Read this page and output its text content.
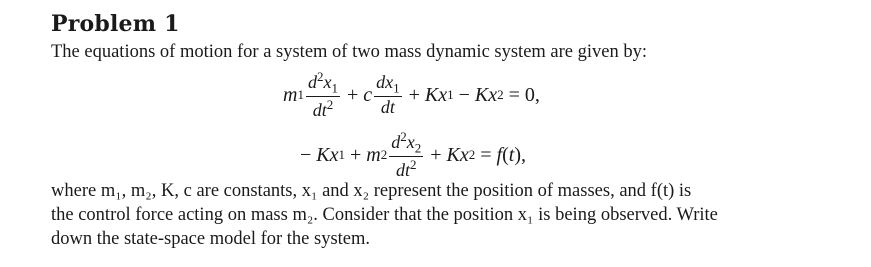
Problem 1
The equations of motion for a system of two mass dynamic system are given by:
m $1 \frac{d^2x_1}{dt^2} + c \frac{dx_1}{dt} + Kx$ 1 − Kx 2 = 0,
− Kx 1 + m $2 \frac{d^2x_2}{dt^2} + Kx$ 2 = f ( t ),
where m₁, m₂, K, c are constants, x₁ and x₂ represent the position of masses, and f(t) is
the control force acting on mass m₂. Consider that the position x₁ is being observed. Write
down the state-space model for the system.
